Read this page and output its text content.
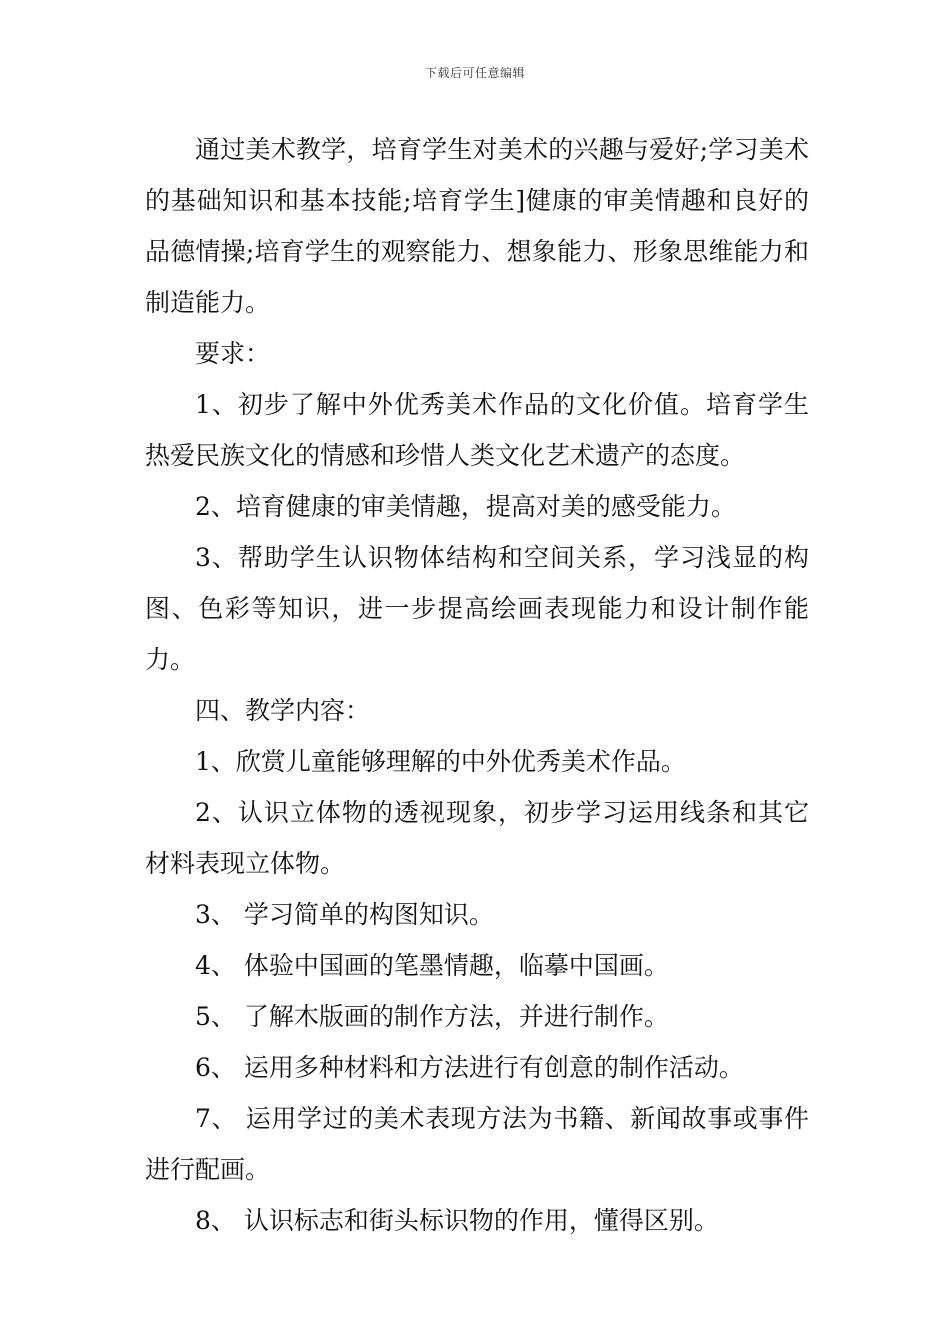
下载后可任意编辑

通过美术教学，培育学生对美术的兴趣与爱好;学习美术的基础知识和基本技能;培育学生]健康的审美情趣和良好的品德情操;培育学生的观察能力、想象能力、形象思维能力和制造能力。

要求：

1、初步了解中外优秀美术作品的文化价值。培育学生热爱民族文化的情感和珍惜人类文化艺术遗产的态度。

2、培育健康的审美情趣，提高对美的感受能力。

3、帮助学生认识物体结构和空间关系，学习浅显的构图、色彩等知识，进一步提高绘画表现能力和设计制作能力。

四、教学内容：

1、欣赏儿童能够理解的中外优秀美术作品。

2、认识立体物的透视现象，初步学习运用线条和其它材料表现立体物。

3、 学习简单的构图知识。

4、 体验中国画的笔墨情趣，临摹中国画。

5、 了解木版画的制作方法，并进行制作。

6、 运用多种材料和方法进行有创意的制作活动。

7、 运用学过的美术表现方法为书籍、新闻故事或事件进行配画。

8、 认识标志和街头标识物的作用，懂得区别。
